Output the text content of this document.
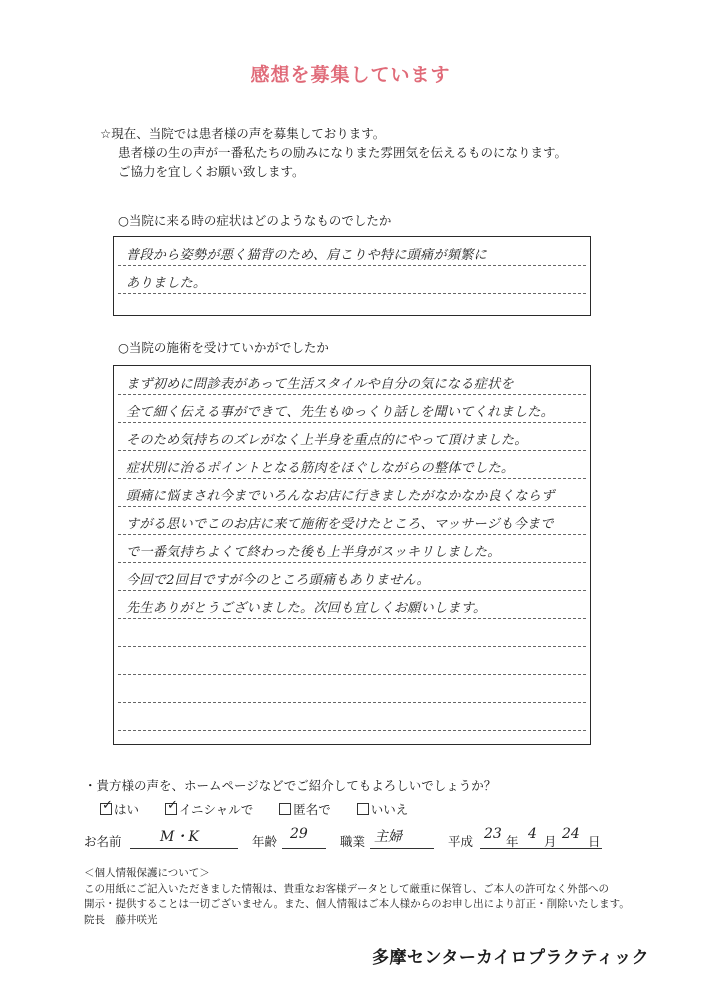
感想を募集しています
☆現在、当院では患者様の声を募集しております。
患者様の生の声が一番私たちの励みになりまた雰囲気を伝えるものになります。
ご協力を宜しくお願い致します。
○当院に来る時の症状はどのようなものでしたか
普段から姿勢が悪く猫背のため、肩こりや特に頭痛が頻繁に
ありました。
○当院の施術を受けていかがでしたか
まず初めに問診表があって生活スタイルや自分の気になる症状を
全て細く伝える事ができて、先生もゆっくり話しを聞いてくれました。
そのため気持ちのズレがなく上半身を重点的にやって頂けました。
症状別に治るポイントとなる筋肉をほぐしながらの整体でした。
頭痛に悩まされ今までいろんなお店に行きましたがなかなか良くならず
すがる思いでこのお店に来て施術を受けたところ、マッサージも今まで
で一番気持ちよくて終わった後も上半身がスッキリしました。
今回で2回目ですが今のところ頭痛もありません。
先生ありがとうございました。次回も宜しくお願いします。
・貴方様の声を、ホームページなどでご紹介してもよろしいでしょうか？
✓ はい ✓ イニシャルで	匿名で	いいえ
お名前	M・K	年齢 29	職業 主婦	平成 23 年 4 月 24 日
＜個人情報保護について＞
この用紙にご記入いただきました情報は、貴重なお客様データとして厳重に保管し、ご本人の許可なく外部への
開示・提供することは一切ございません。また、個人情報はご本人様からのお申し出により訂正・削除いたします。
院長　藤井咲光
多摩センターカイロプラクティック
